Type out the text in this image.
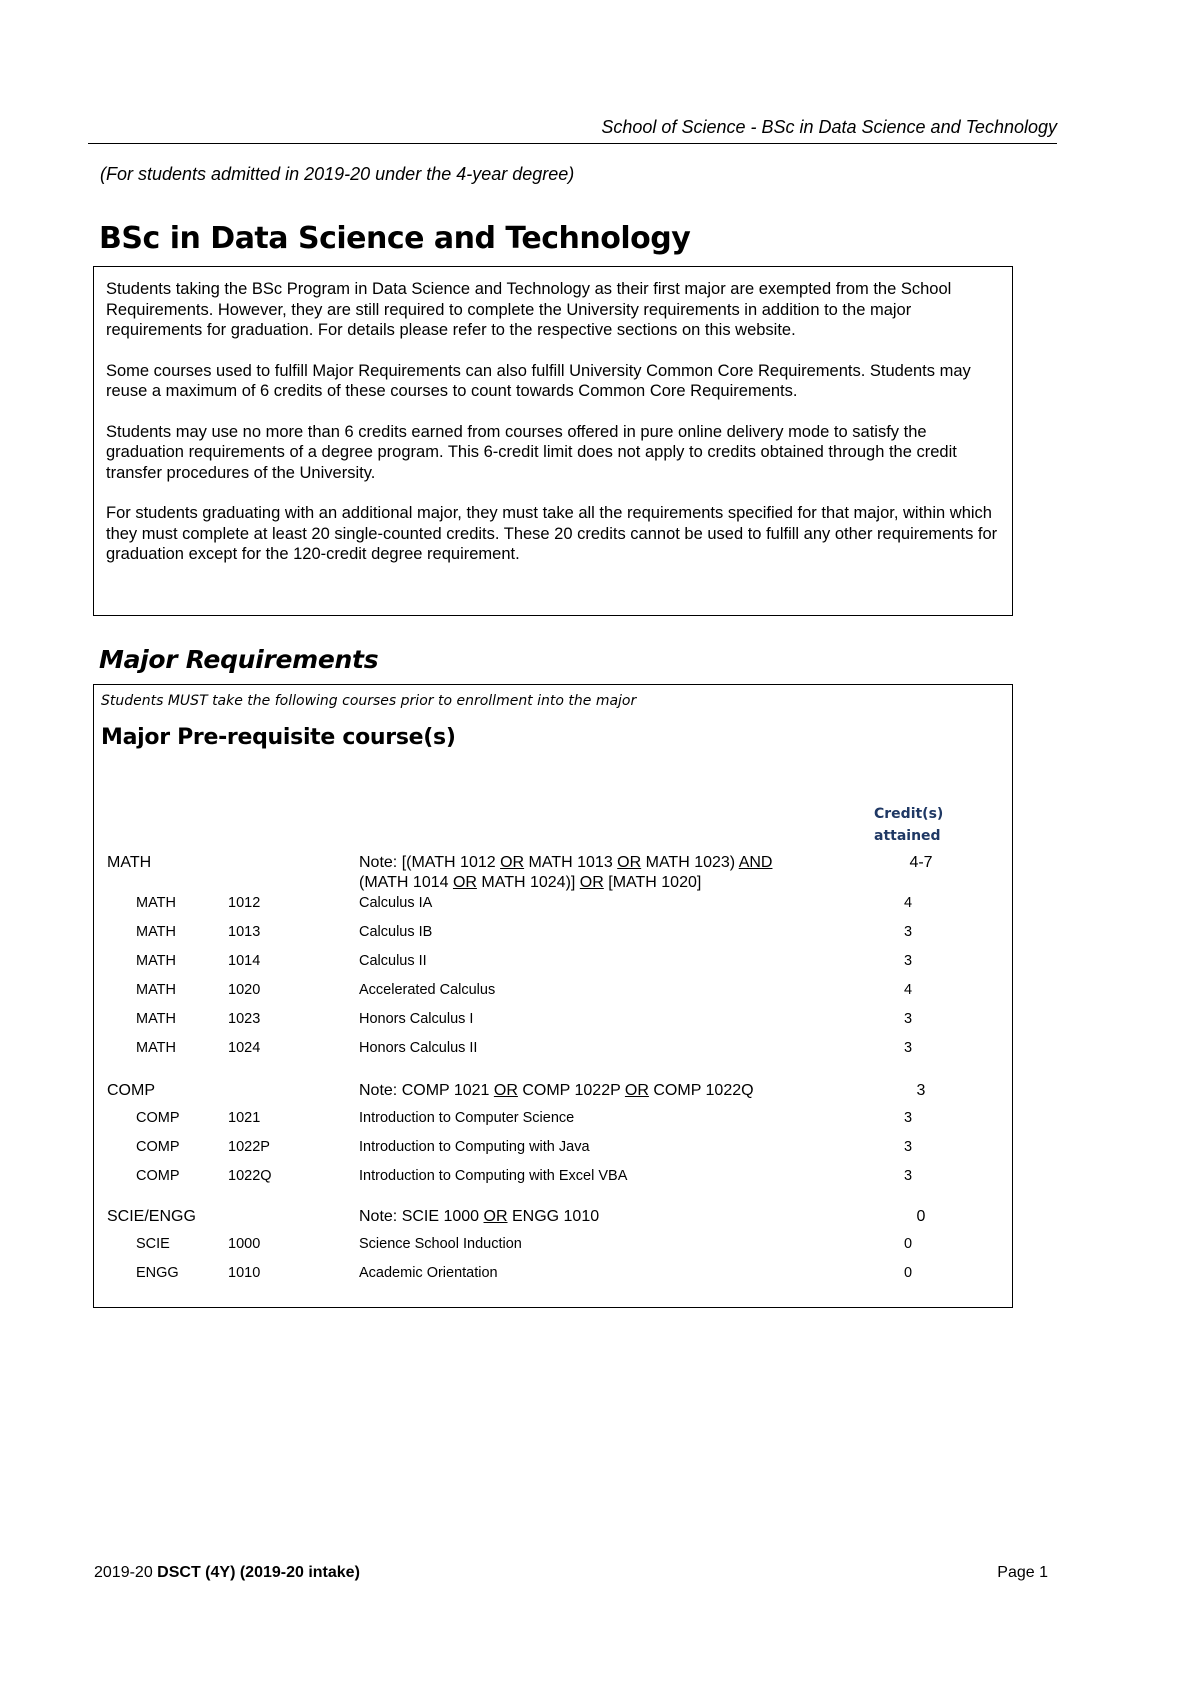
School of Science - BSc in Data Science and Technology
(For students admitted in 2019-20 under the 4-year degree)
BSc in Data Science and Technology

Students taking the BSc Program in Data Science and Technology as their first major are exempted from the School Requirements. However, they are still required to complete the University requirements in addition to the major requirements for graduation. For details please refer to the respective sections on this website.

Some courses used to fulfill Major Requirements can also fulfill University Common Core Requirements. Students may reuse a maximum of 6 credits of these courses to count towards Common Core Requirements.

Students may use no more than 6 credits earned from courses offered in pure online delivery mode to satisfy the graduation requirements of a degree program. This 6-credit limit does not apply to credits obtained through the credit transfer procedures of the University.

For students graduating with an additional major, they must take all the requirements specified for that major, within which they must complete at least 20 single-counted credits. These 20 credits cannot be used to fulfill any other requirements for graduation except for the 120-credit degree requirement.

Major Requirements
Students MUST take the following courses prior to enrollment into the major
Major Pre-requisite course(s)
Credit(s)
attained
MATH	Note: [(MATH 1012 OR MATH 1013 OR MATH 1023) AND
(MATH 1014 OR MATH 1024)] OR [MATH 1020]
4-7
MATH	1012	Calculus IA	4
MATH	1013	Calculus IB	3
MATH	1014	Calculus II	3
MATH	1020	Accelerated Calculus	4
MATH	1023	Honors Calculus I	3
MATH	1024	Honors Calculus II	3
COMP	Note: COMP 1021 OR COMP 1022P OR COMP 1022Q	3
COMP	1021	Introduction to Computer Science	3
COMP	1022P	Introduction to Computing with Java	3
COMP	1022Q	Introduction to Computing with Excel VBA	3
SCIE/ENGG	Note: SCIE 1000 OR ENGG 1010	0
SCIE	1000	Science School Induction	0
ENGG	1010	Academic Orientation	0
2019-20 DSCT (4Y) (2019-20 intake)	Page 1
